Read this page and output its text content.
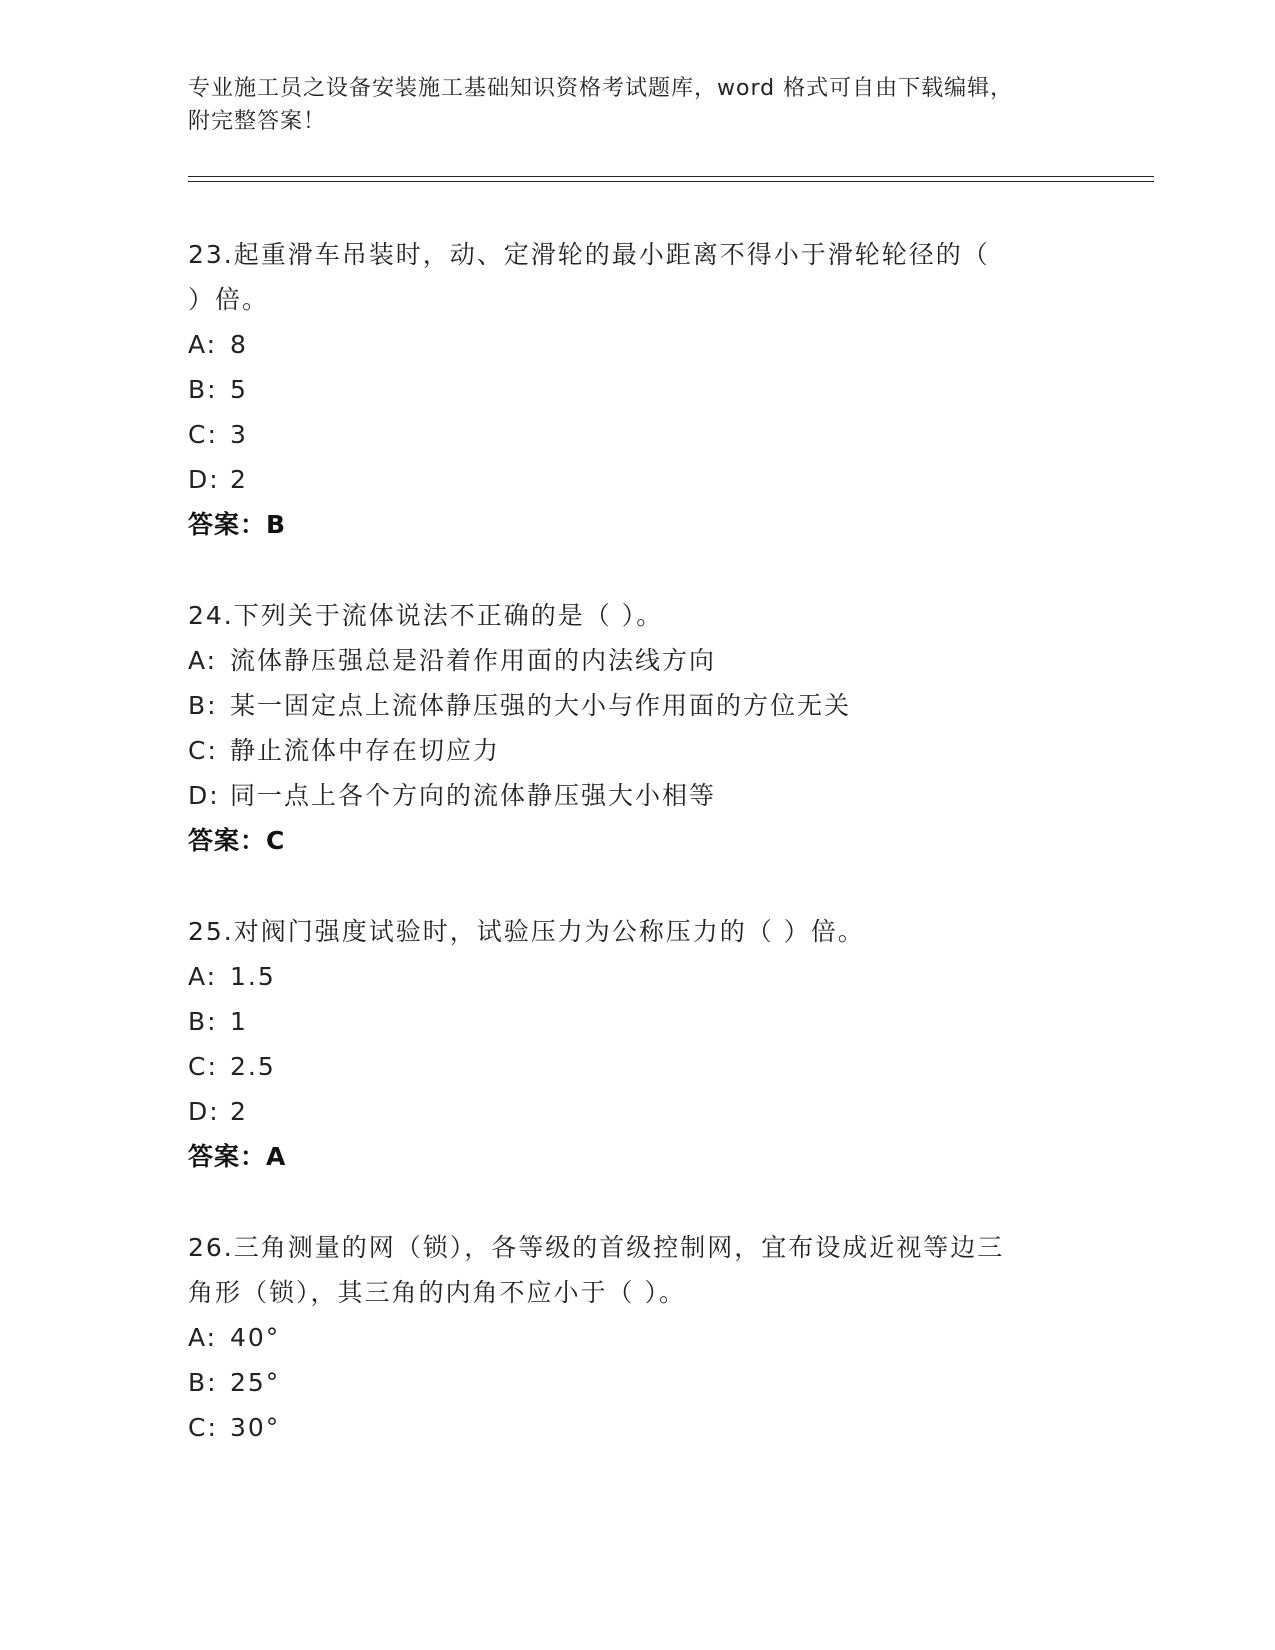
专业施工员之设备安装施工基础知识资格考试题库，word 格式可自由下载编辑，
附完整答案！
23.起重滑车吊装时，动、定滑轮的最小距离不得小于滑轮轮径的（
）倍。
A: 8
B: 5
C: 3
D: 2
答案：B
24.下列关于流体说法不正确的是（ ）。
A: 流体静压强总是沿着作用面的内法线方向
B: 某一固定点上流体静压强的大小与作用面的方位无关
C: 静止流体中存在切应力
D: 同一点上各个方向的流体静压强大小相等
答案：C
25.对阀门强度试验时，试验压力为公称压力的（ ）倍。
A: 1.5
B: 1
C: 2.5
D: 2
答案：A
26.三角测量的网（锁），各等级的首级控制网，宜布设成近视等边三
角形（锁），其三角的内角不应小于（ ）。
A: 40°
B: 25°
C: 30°
